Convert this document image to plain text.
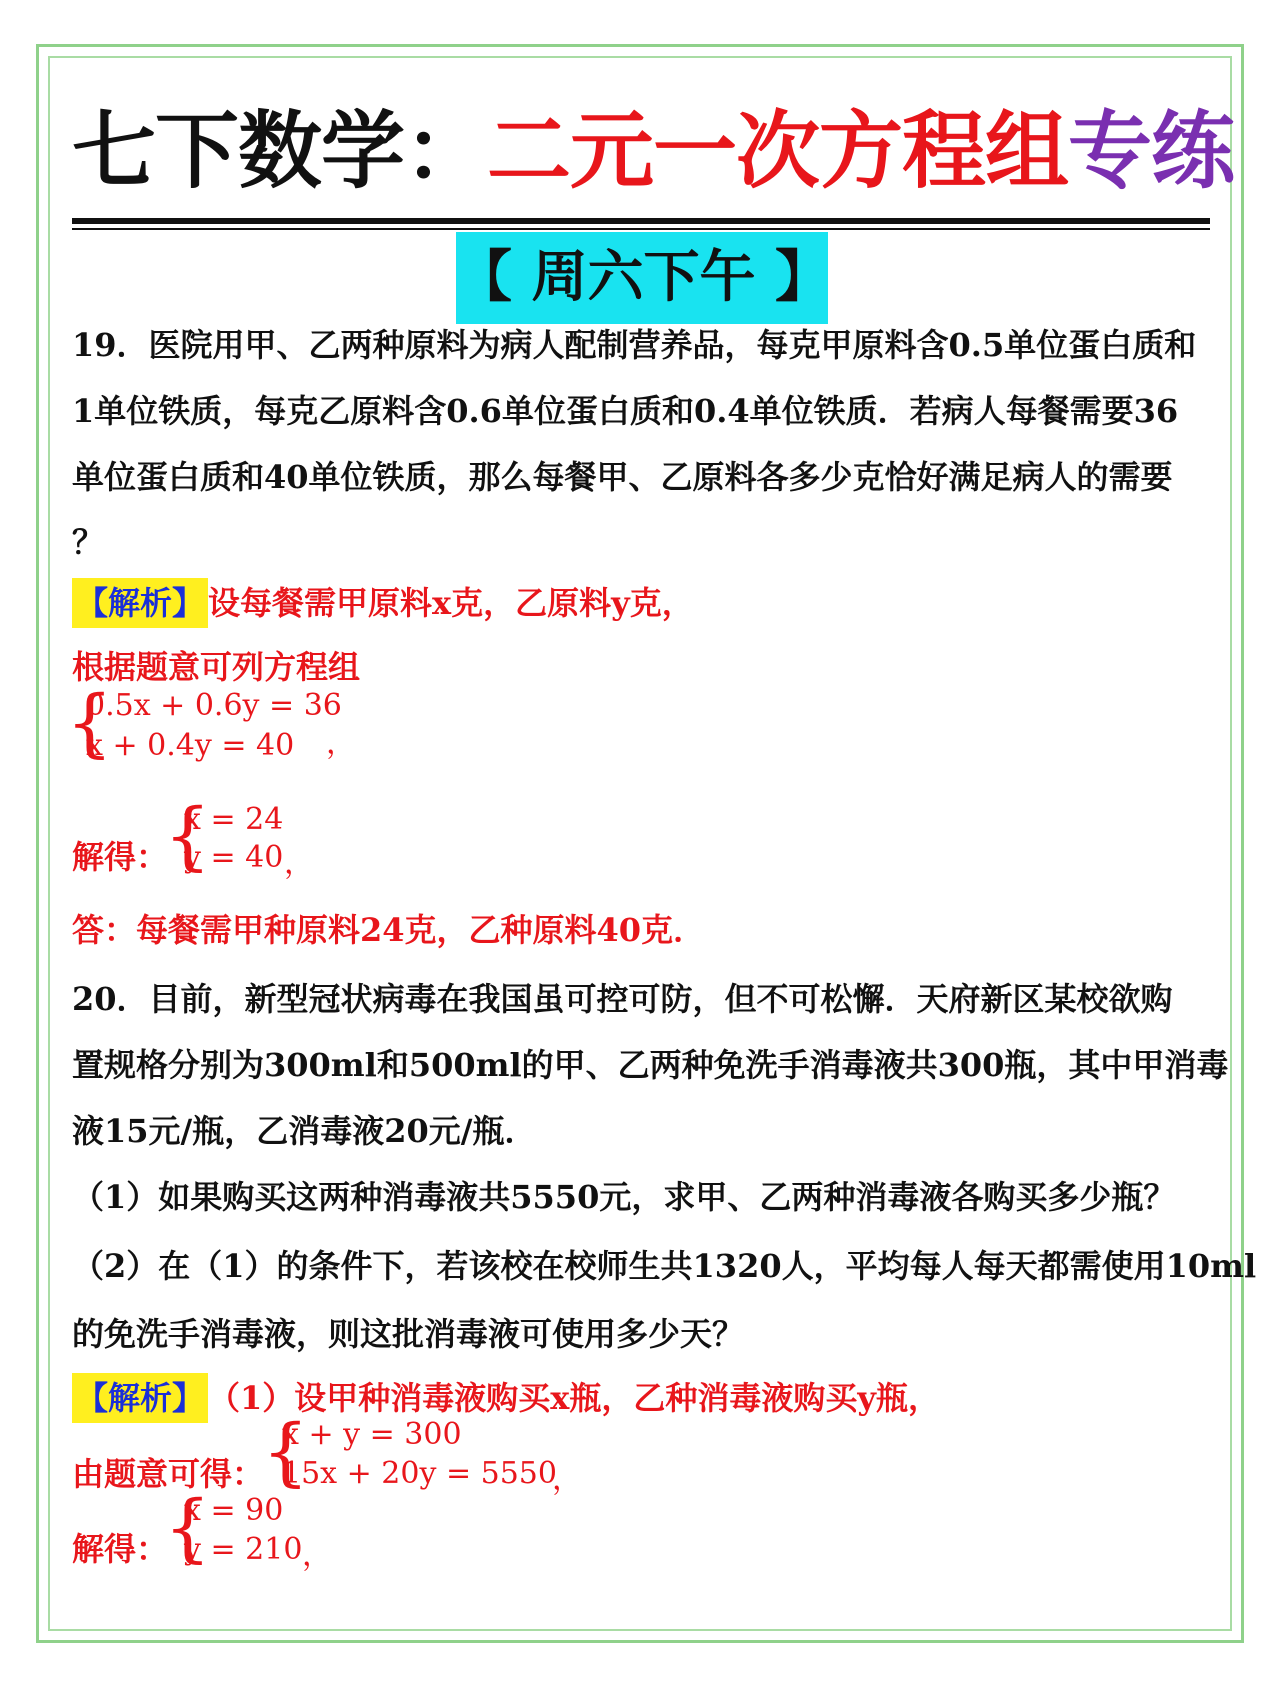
七下数学：二元一次方程组专练
【 周六下午 】
19．医院用甲、乙两种原料为病人配制营养品，每克甲原料含0.5单位蛋白质和
1单位铁质，每克乙原料含0.6单位蛋白质和0.4单位铁质．若病人每餐需要36
单位蛋白质和40单位铁质，那么每餐甲、乙原料各多少克恰好满足病人的需要
？
【解析】 设每餐需甲原料x克，乙原料y克，
根据题意可列方程组
{
0.5x + 0.6y = 36
x + 0.4y = 40 ，
解得：
{
x = 24
y = 40 ，
答：每餐需甲种原料24克，乙种原料40克．
20．目前，新型冠状病毒在我国虽可控可防，但不可松懈．天府新区某校欲购
置规格分别为300ml和500ml的甲、乙两种免洗手消毒液共300瓶，其中甲消毒
液15元/瓶，乙消毒液20元/瓶．
（1）如果购买这两种消毒液共5550元，求甲、乙两种消毒液各购买多少瓶？
（2）在（1）的条件下，若该校在校师生共1320人，平均每人每天都需使用10ml
的免洗手消毒液，则这批消毒液可使用多少天？
【解析】 （1）设甲种消毒液购买x瓶，乙种消毒液购买y瓶，
由题意可得：
{
x + y = 300
15x + 20y = 5550
，
解得：
{
x = 90
y = 210 ，
